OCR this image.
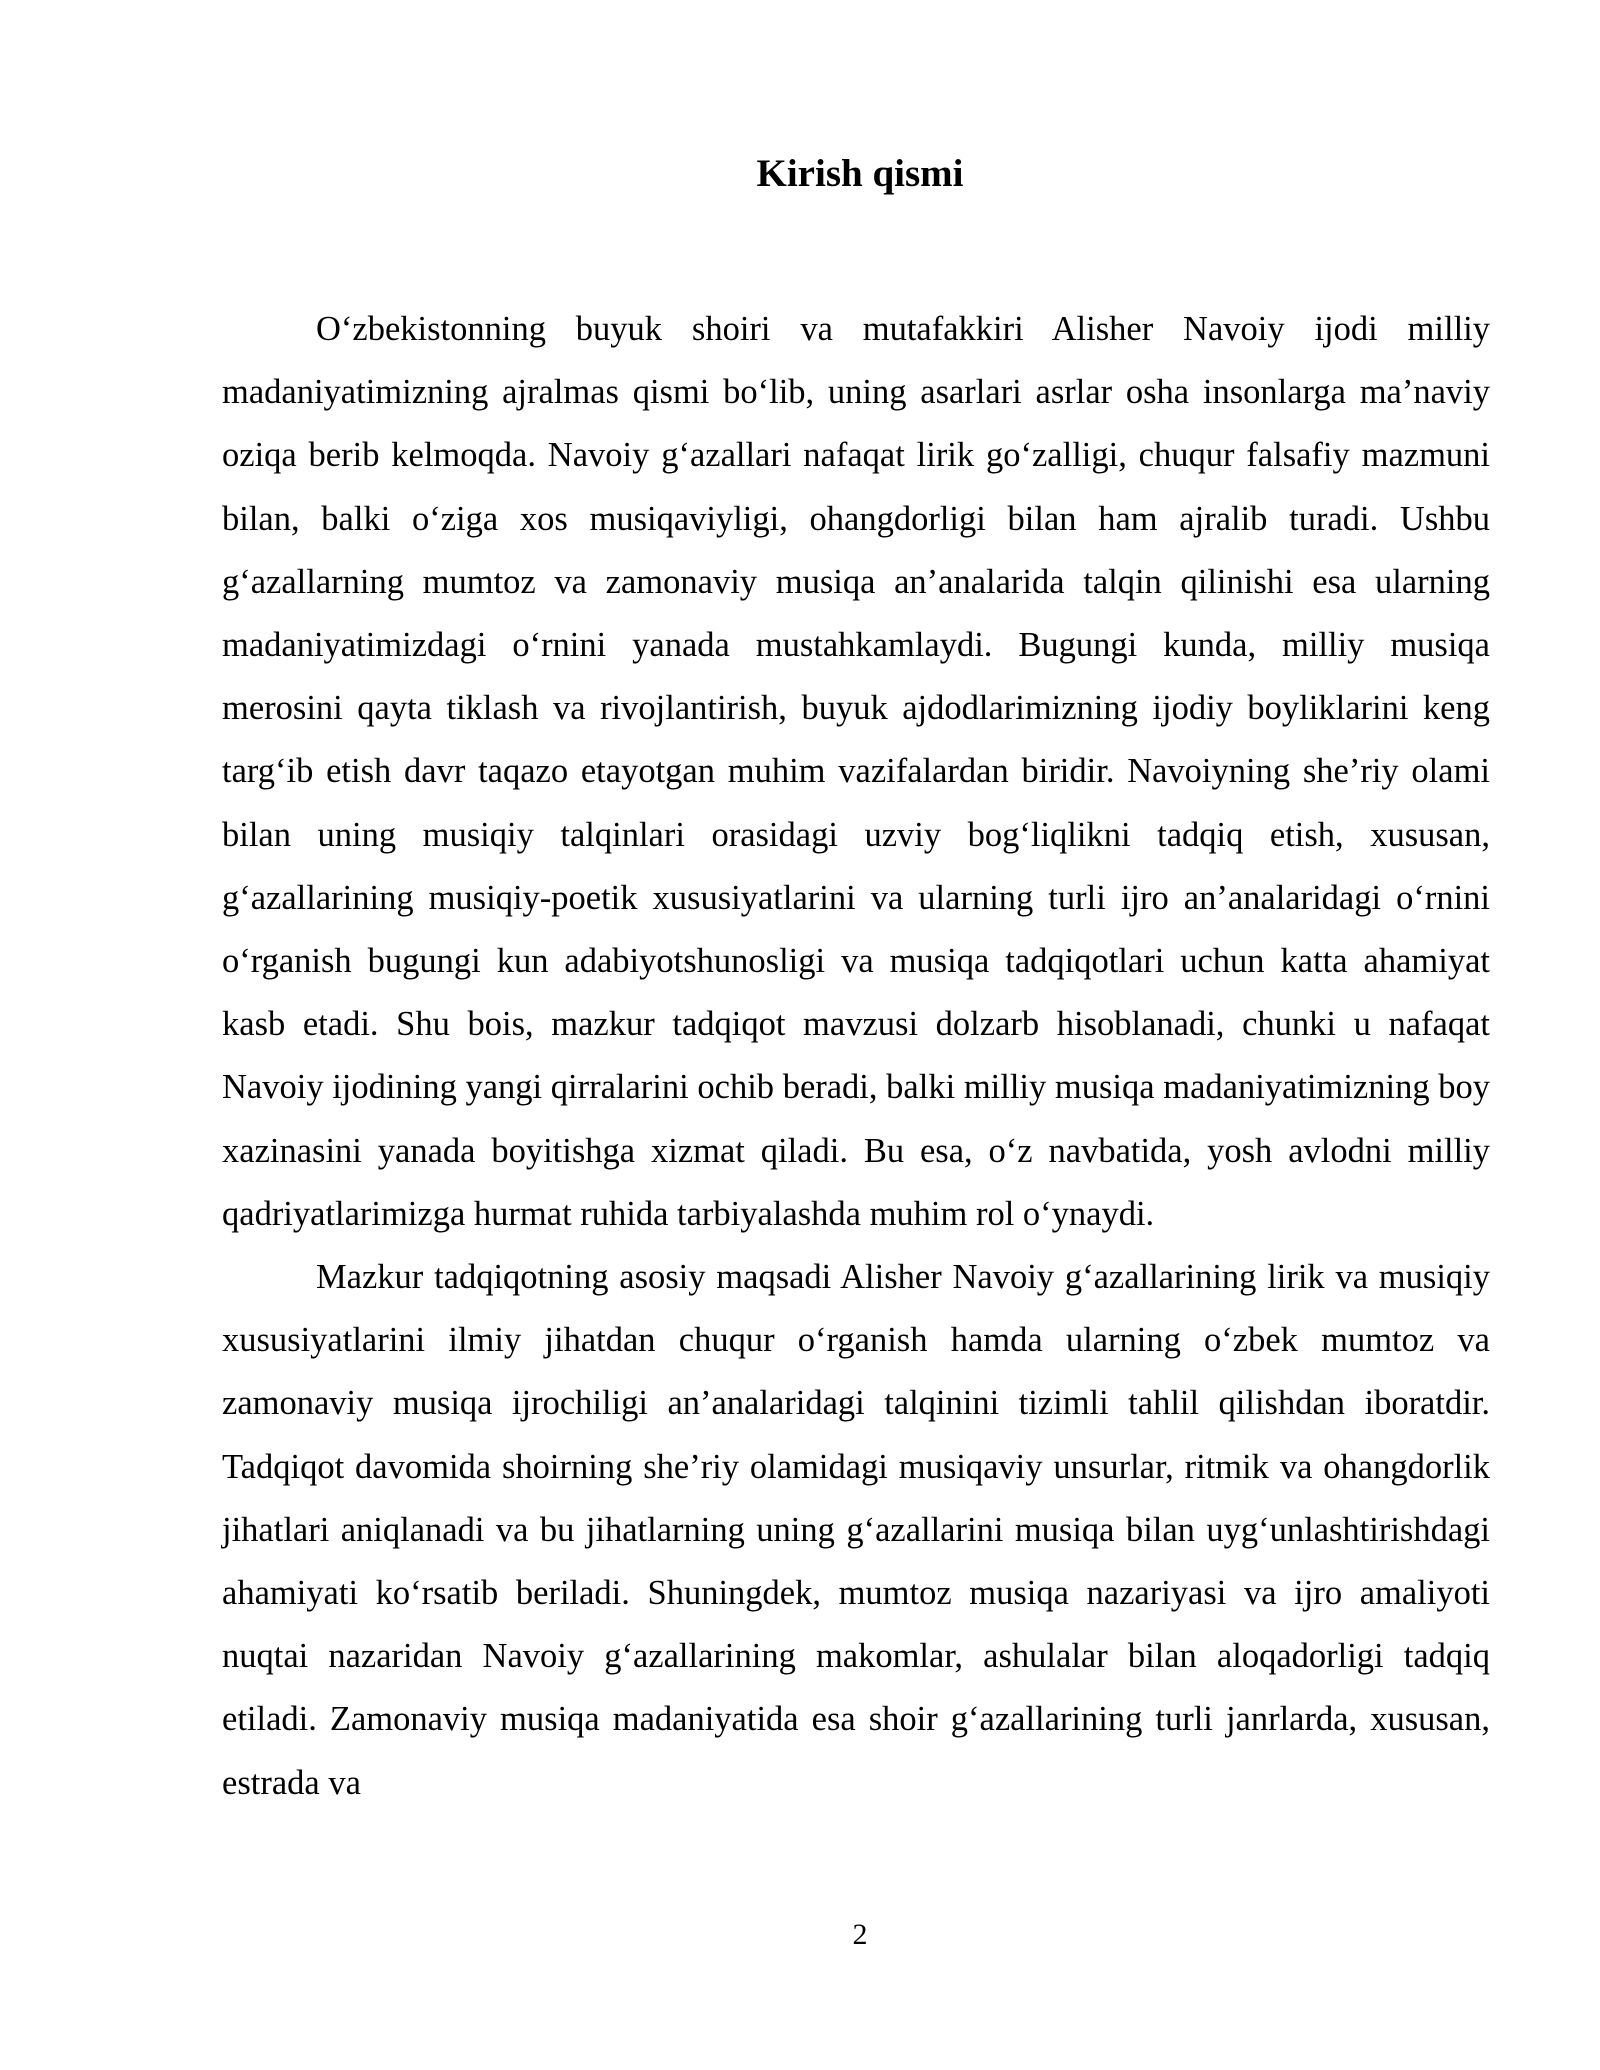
Kirish qismi

O‘zbekistonning buyuk shoiri va mutafakkiri Alisher Navoiy ijodi milliy madaniyatimizning ajralmas qismi bo‘lib, uning asarlari asrlar osha insonlarga ma’naviy oziqa berib kelmoqda. Navoiy g‘azallari nafaqat lirik go‘zalligi, chuqur falsafiy mazmuni bilan, balki o‘ziga xos musiqaviyligi, ohangdorligi bilan ham ajralib turadi. Ushbu g‘azallarning mumtoz va zamonaviy musiqa an’analarida talqin qilinishi esa ularning madaniyatimizdagi o‘rnini yanada mustahkamlaydi. Bugungi kunda, milliy musiqa merosini qayta tiklash va rivojlantirish, buyuk ajdodlarimizning ijodiy boyliklarini keng targ‘ib etish davr taqazo etayotgan muhim vazifalardan biridir. Navoiyning she’riy olami bilan uning musiqiy talqinlari orasidagi uzviy bog‘liqlikni tadqiq etish, xususan, g‘azallarining musiqiy-poetik xususiyatlarini va ularning turli ijro an’analaridagi o‘rnini o‘rganish bugungi kun adabiyotshunosligi va musiqa tadqiqotlari uchun katta ahamiyat kasb etadi. Shu bois, mazkur tadqiqot mavzusi dolzarb hisoblanadi, chunki u nafaqat Navoiy ijodining yangi qirralarini ochib beradi, balki milliy musiqa madaniyatimizning boy xazinasini yanada boyitishga xizmat qiladi. Bu esa, o‘z navbatida, yosh avlodni milliy qadriyatlarimizga hurmat ruhida tarbiyalashda muhim rol o‘ynaydi.

Mazkur tadqiqotning asosiy maqsadi Alisher Navoiy g‘azallarining lirik va musiqiy xususiyatlarini ilmiy jihatdan chuqur o‘rganish hamda ularning o‘zbek mumtoz va zamonaviy musiqa ijrochiligi an’analaridagi talqinini tizimli tahlil qilishdan iboratdir. Tadqiqot davomida shoirning she’riy olamidagi musiqaviy unsurlar, ritmik va ohangdorlik jihatlari aniqlanadi va bu jihatlarning uning g‘azallarini musiqa bilan uyg‘unlashtirishdagi ahamiyati ko‘rsatib beriladi. Shuningdek, mumtoz musiqa nazariyasi va ijro amaliyoti nuqtai nazaridan Navoiy g‘azallarining makomlar, ashulalar bilan aloqadorligi tadqiq etiladi. Zamonaviy musiqa madaniyatida esa shoir g‘azallarining turli janrlarda, xususan, estrada va

2
